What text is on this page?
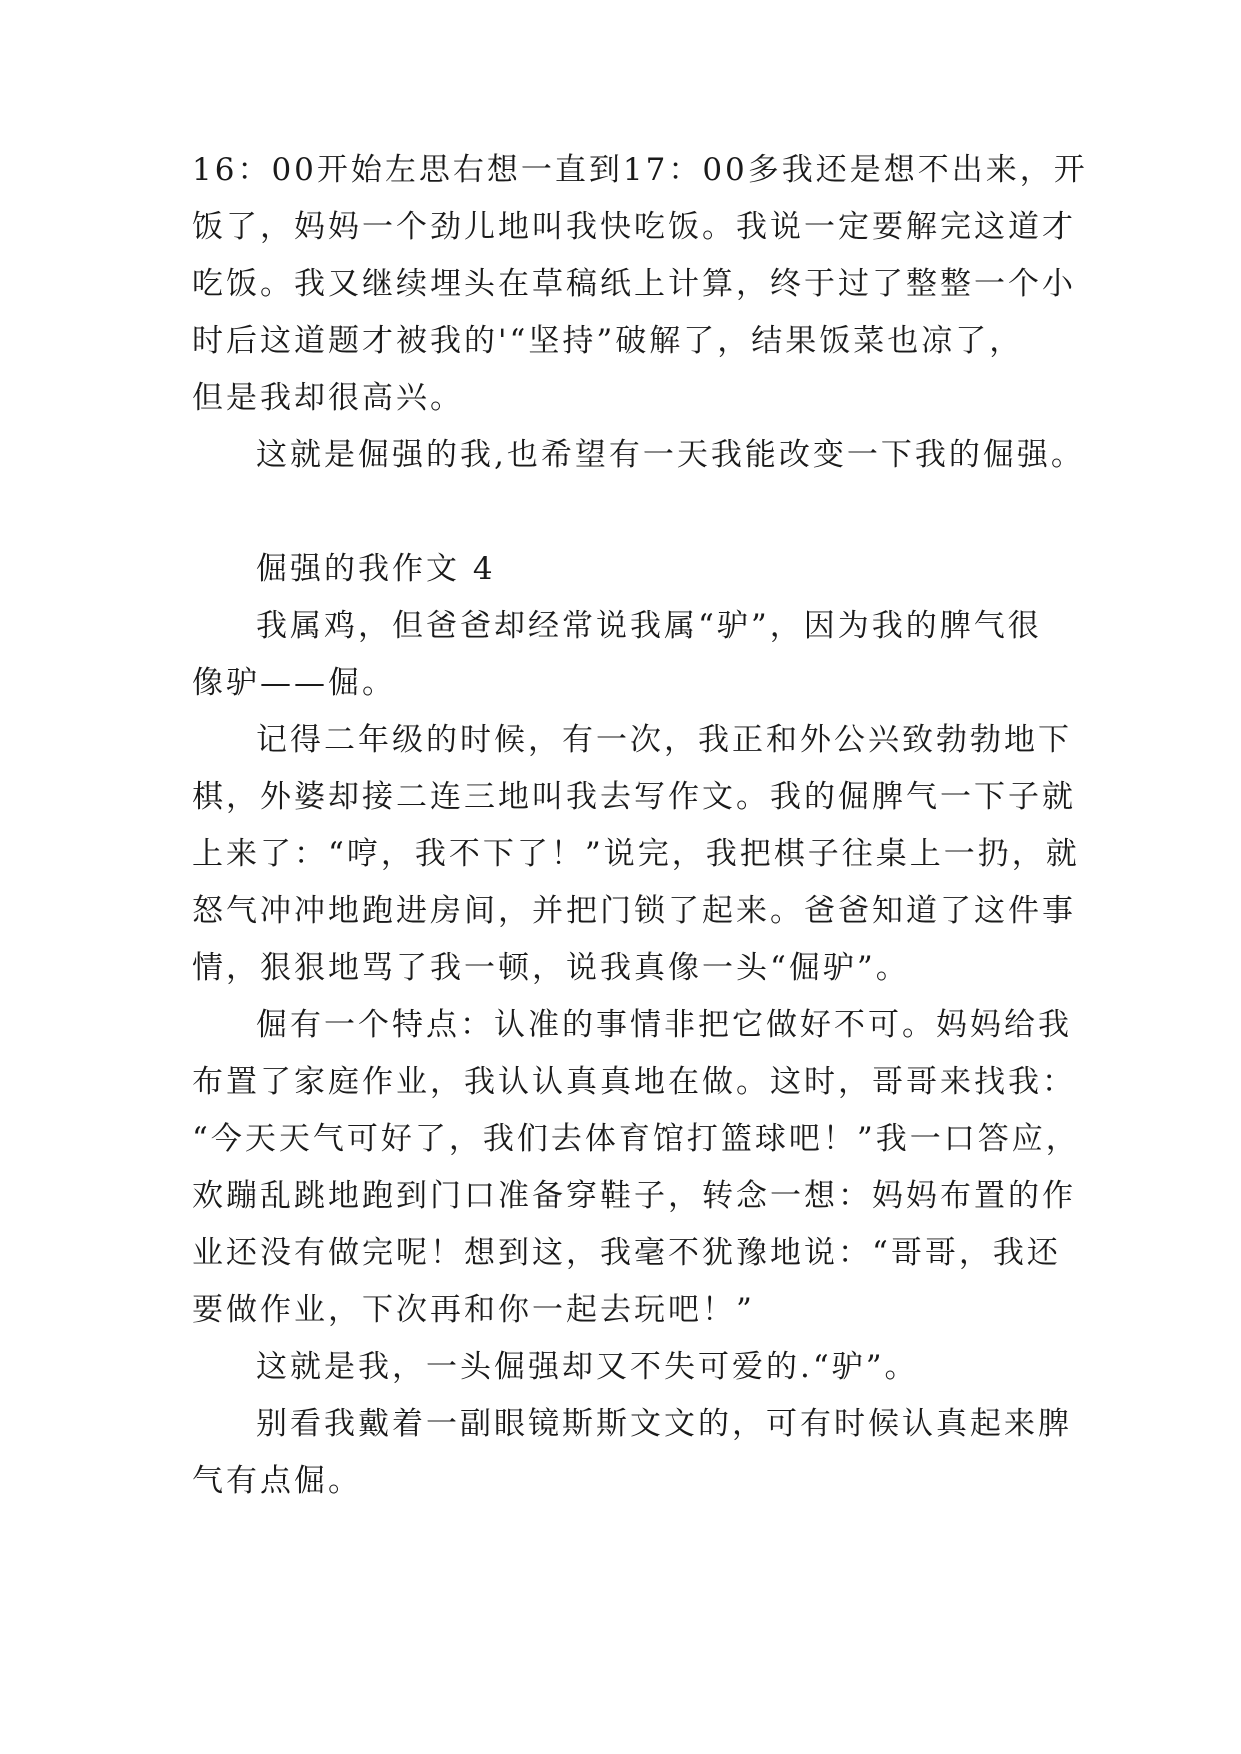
16：00开始左思右想一直到17：00多我还是想不出来，开
饭了，妈妈一个劲儿地叫我快吃饭。我说一定要解完这道才
吃饭。我又继续埋头在草稿纸上计算，终于过了整整一个小
时后这道题才被我的'“坚持”破解了，结果饭菜也凉了，
但是我却很高兴。
这就是倔强的我,也希望有一天我能改变一下我的倔强。
倔强的我作文 4
我属鸡，但爸爸却经常说我属“驴”，因为我的脾气很
像驴——倔。
记得二年级的时候，有一次，我正和外公兴致勃勃地下
棋，外婆却接二连三地叫我去写作文。我的倔脾气一下子就
上来了：“哼，我不下了！”说完，我把棋子往桌上一扔，就
怒气冲冲地跑进房间，并把门锁了起来。爸爸知道了这件事
情，狠狠地骂了我一顿，说我真像一头“倔驴”。
倔有一个特点：认准的事情非把它做好不可。妈妈给我
布置了家庭作业，我认认真真地在做。这时，哥哥来找我：
“今天天气可好了，我们去体育馆打篮球吧！”我一口答应，
欢蹦乱跳地跑到门口准备穿鞋子，转念一想：妈妈布置的作
业还没有做完呢！想到这，我毫不犹豫地说：“哥哥，我还
要做作业，下次再和你一起去玩吧！”
这就是我，一头倔强却又不失可爱的.“驴”。
别看我戴着一副眼镜斯斯文文的，可有时候认真起来脾
气有点倔。
